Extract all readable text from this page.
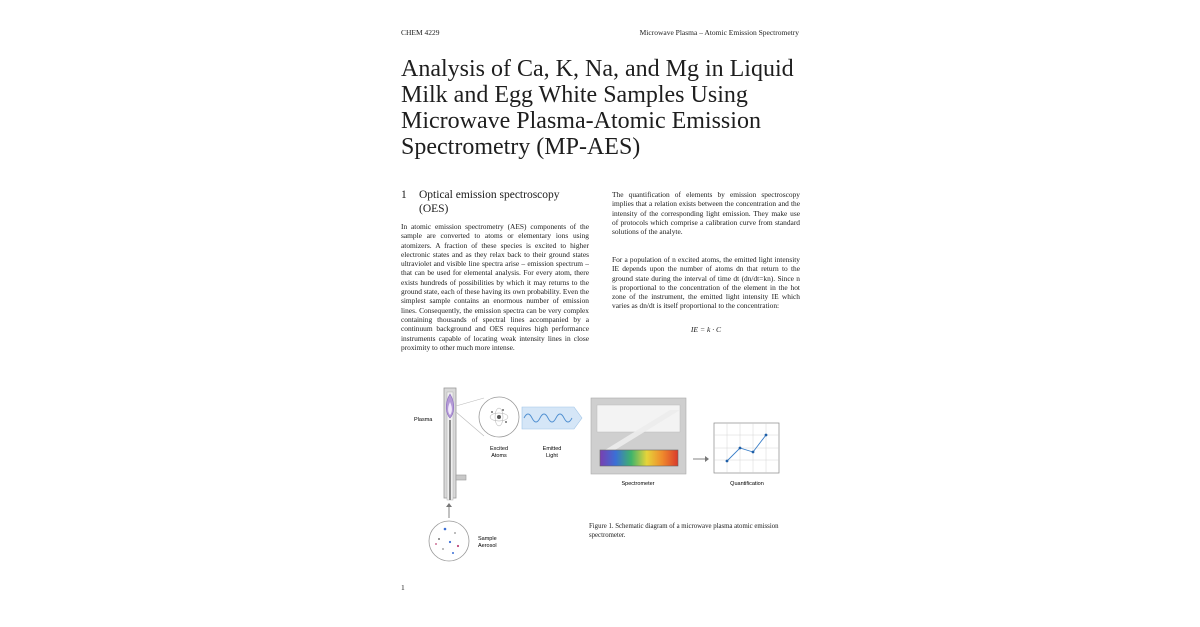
CHEM 4229	Microwave Plasma – Atomic Emission Spectrometry
Analysis of Ca, K, Na, and Mg in Liquid Milk and Egg White Samples Using Microwave Plasma-Atomic Emission Spectrometry (MP-AES)
1 Optical emission spectroscopy (OES)

In atomic emission spectrometry (AES) components of the sample are converted to atoms or elementary ions using atomizers. A fraction of these species is excited to higher electronic states and as they relax back to their ground states ultraviolet and visible line spectra arise – emission spectrum – that can be used for elemental analysis. For every atom, there exists hundreds of possibilities by which it may returns to the ground state, each of these having its own probability. Even the simplest sample contains an enormous number of emission lines. Consequently, the emission spectra can be very complex containing thousands of spectral lines accompanied by a continuum background and OES requires high performance instruments capable of locating weak intensity lines in close proximity to other much more intense.

The quantification of elements by emission spectroscopy implies that a relation exists between the concentration and the intensity of the corresponding light emission. They make use of protocols which comprise a calibration curve from standard solutions of the analyte.

For a population of n excited atoms, the emitted light intensity IE depends upon the number of atoms dn that return to the ground state during the interval of time dt (dn/dt=kn). Since n is proportional to the concentration of the element in the hot zone of the instrument, the emitted light intensity IE which varies as dn/dt is itself proportional to the concentration:

IE = k · C
Plasma
Excited
Atoms
Emitted
Light
Spectrometer	Quantification
Sample
Aerosol
Figure 1. Schematic diagram of a microwave plasma atomic emission spectrometer.
1
